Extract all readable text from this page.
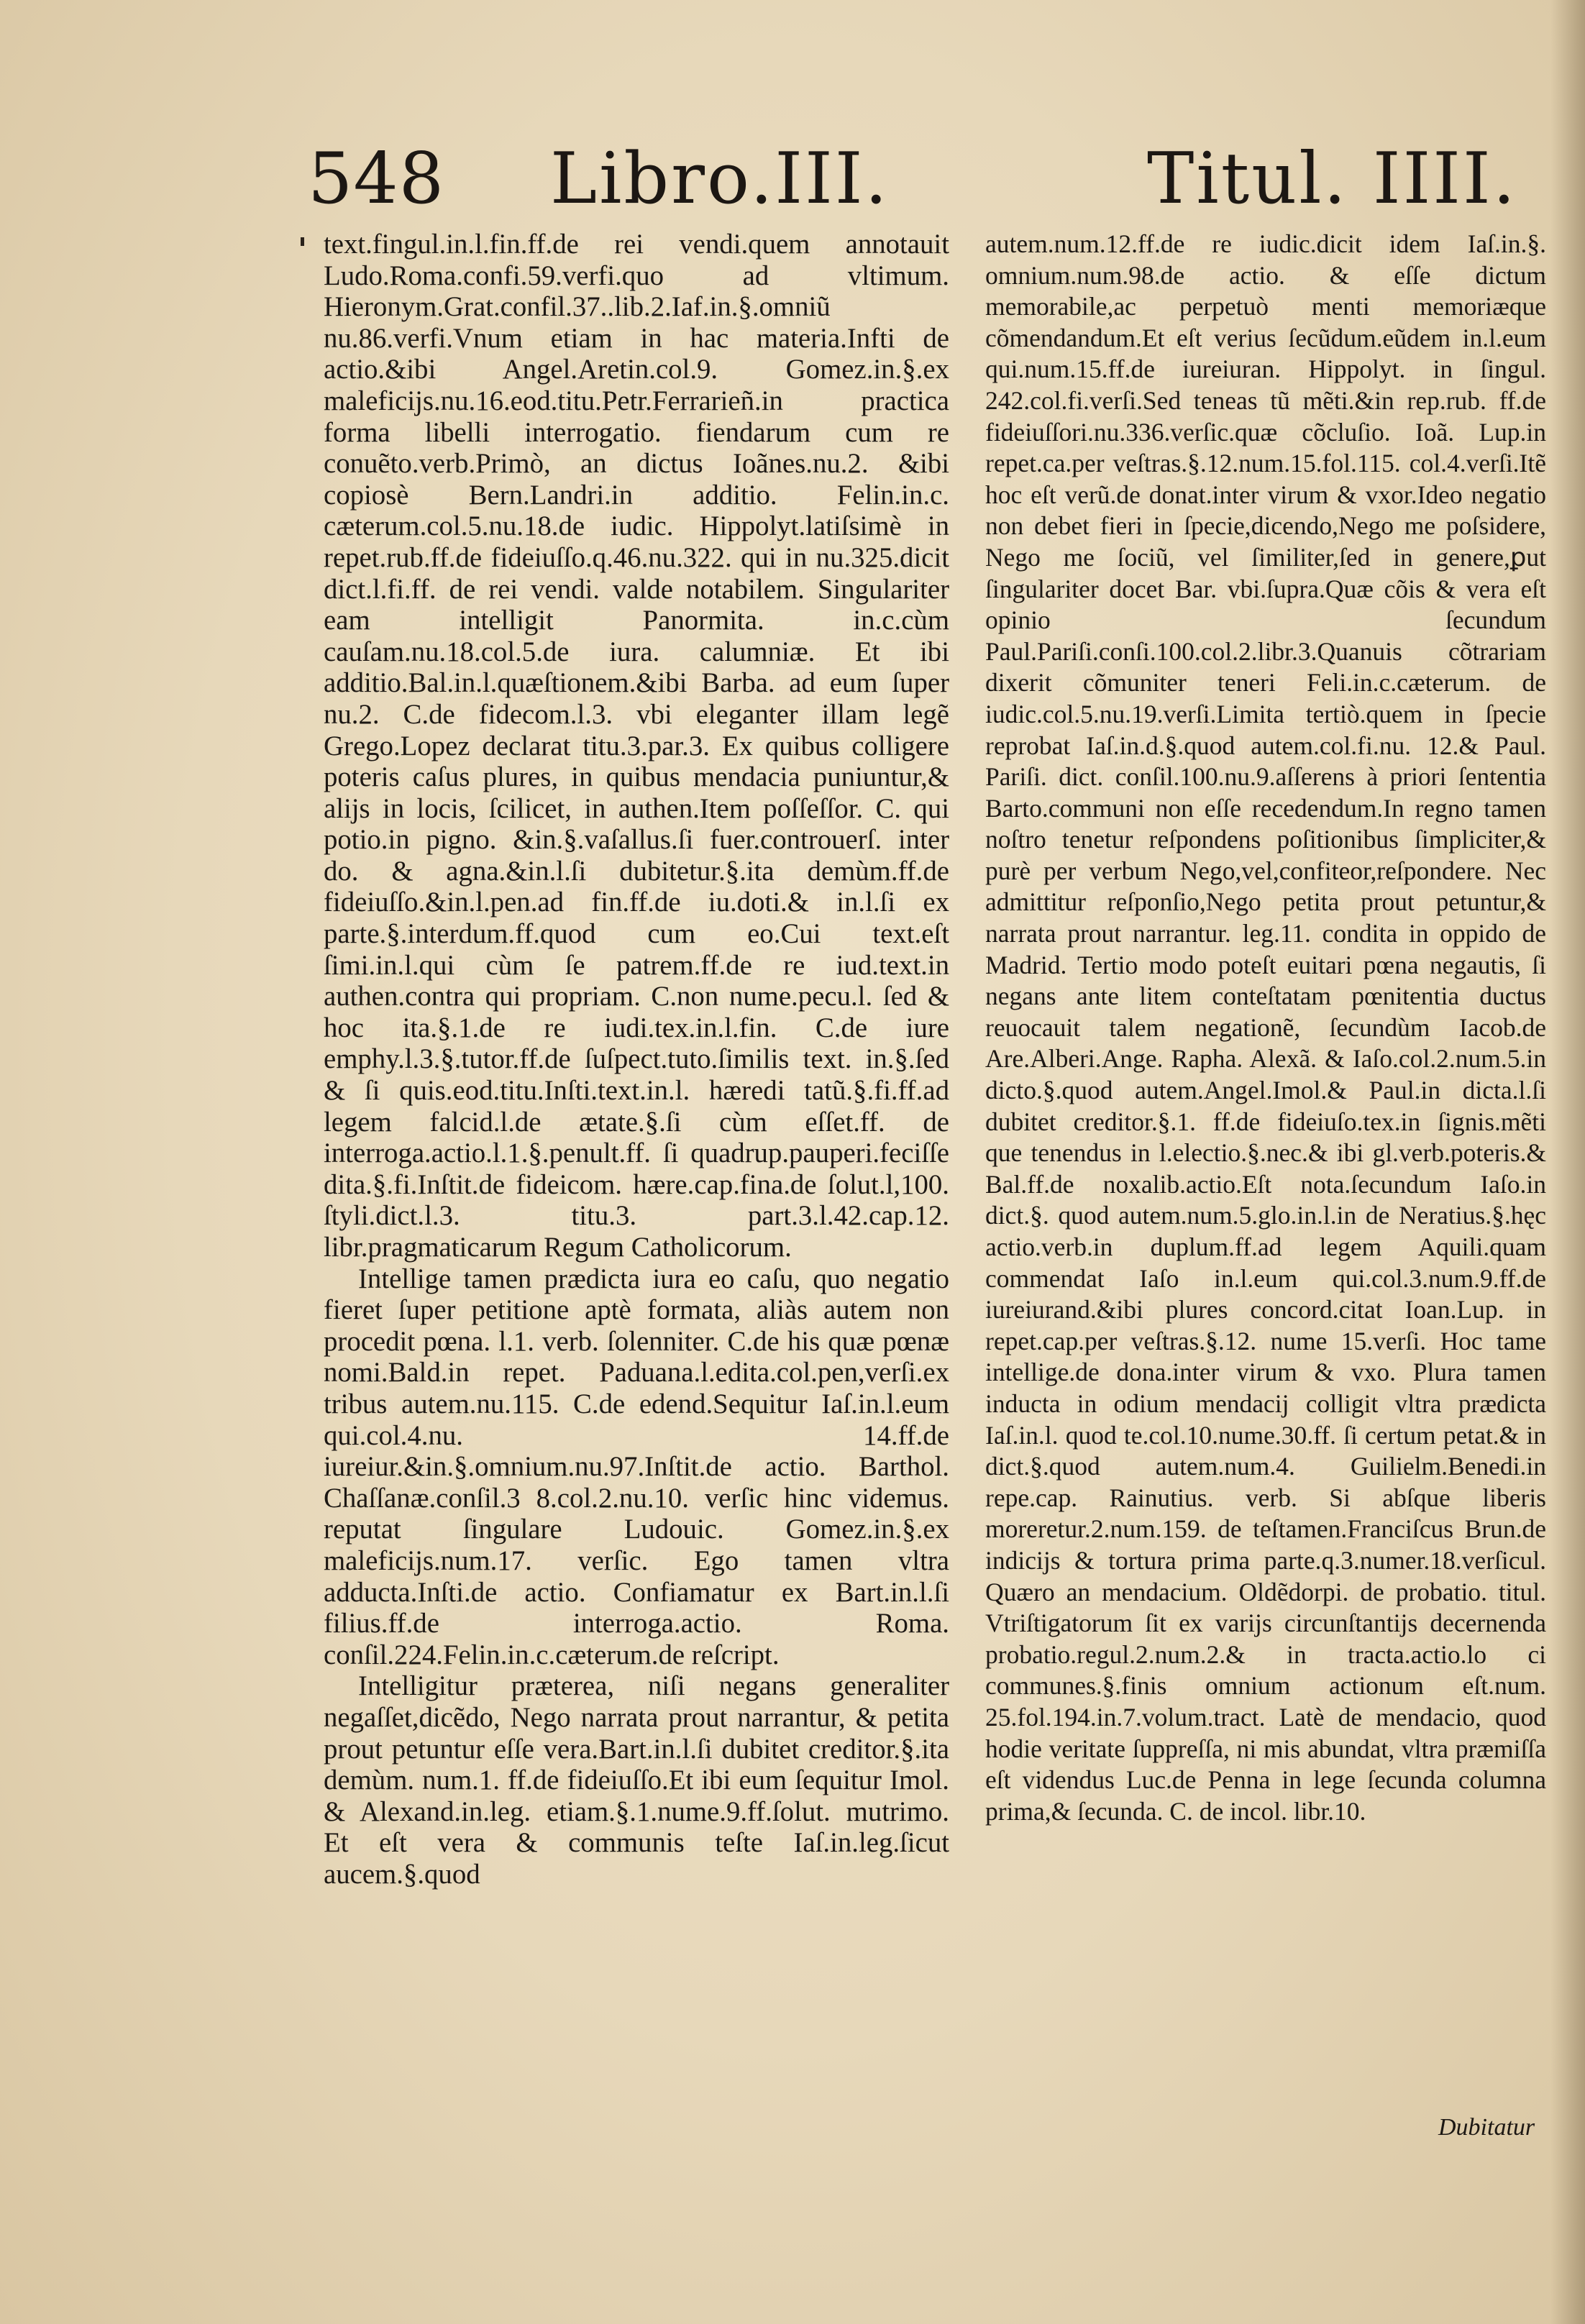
548 Libro.III.	Titul. IIII.

text.fingul.in.l.fin.ff.de rei vendi.quem annotauit Ludo.Roma.confi.59.verfi.quo ad vltimum. Hieronym.Grat.confil.37..lib.2.Iaf.in.§.omniũ nu.86.verfi.Vnum etiam in hac materia.Infti de actio.&ibi Angel.Aretin.col.9. Gomez.in.§.ex maleficijs.nu.16.eod.titu.Petr.Ferrarieñ.in practica forma libelli interrogatio. fiendarum cum re conuẽto.verb.Primò, an dictus Ioãnes.nu.2. &ibi copiosè Bern.Landri.in additio. Felin.in.c. cæterum.col.5.nu.18.de iudic. Hippolyt.latiſsimè in repet.rub.ff.de fideiuſſo.q.46.nu.322. qui in nu.325.dicit dict.l.fi.ff. de rei vendi. valde notabilem. Singulariter eam intelligit Panormita. in.c.cùm cauſam.nu.18.col.5.de iura. calumniæ. Et ibi additio.Bal.in.l.quæſtionem.&ibi Barba. ad eum ſuper nu.2. C.de fidecom.l.3. vbi eleganter illam legẽ Grego.Lopez declarat titu.3.par.3. Ex quibus colligere poteris caſus plures, in quibus mendacia puniuntur,& alijs in locis, ſcilicet, in authen.Item poſſeſſor. C. qui potio.in pigno. &in.§.vaſallus.ſi fuer.controuerſ. inter do. & agna.&in.l.ſi dubitetur.§.ita demùm.ff.de fideiuſſo.&in.l.pen.ad fin.ff.de iu.doti.& in.l.ſi ex parte.§.interdum.ff.quod cum eo.Cui text.eſt ſimi.in.l.qui cùm ſe patrem.ff.de re iud.text.in authen.contra qui propriam. C.non nume.pecu.l. ſed & hoc ita.§.1.de re iudi.tex.in.l.fin. C.de iure emphy.l.3.§.tutor.ff.de ſuſpect.tuto.ſimilis text. in.§.ſed & ſi quis.eod.titu.Inſti.text.in.l. hæredi tatũ.§.fi.ff.ad legem falcid.l.de ætate.§.ſi cùm eſſet.ff. de interroga.actio.l.1.§.penult.ff. ſi quadrup.pauperi.feciſſe dita.§.fi.Inſtit.de fideicom. hære.cap.fina.de ſolut.l,100. ſtyli.dict.l.3. titu.3. part.3.l.42.cap.12. libr.pragmaticarum Regum Catholicorum.

Intellige tamen prædicta iura eo caſu, quo negatio fieret ſuper petitione aptè formata, aliàs autem non procedit pœna. l.1. verb. ſolenniter. C.de his quæ pœnæ nomi.Bald.in repet. Paduana.l.edita.col.pen,verſi.ex tribus autem.nu.115. C.de edend.Sequitur Iaſ.in.l.eum qui.col.4.nu. 14.ff.de iureiur.&in.§.omnium.nu.97.Inſtit.de actio. Barthol. Chaſſanæ.conſil.3 8.col.2.nu.10. verſic hinc videmus. reputat ſingulare Ludouic. Gomez.in.§.ex maleficijs.num.17. verſic. Ego tamen vltra adducta.Inſti.de actio. Confiamatur ex Bart.in.l.ſi filius.ff.de interroga.actio. Roma. conſil.224.Felin.in.c.cæterum.de reſcript.

Intelligitur præterea, niſi negans generaliter negaſſet,dicẽdo, Nego narrata prout narrantur, & petita prout petuntur eſſe vera.Bart.in.l.ſi dubitet creditor.§.ita demùm. num.1. ff.de fideiuſſo.Et ibi eum ſequitur Imol. & Alexand.in.leg. etiam.§.1.nume.9.ff.ſolut. mutrimo. Et eſt vera & communis teſte Iaſ.in.leg.ſicut aucem.§.quod

autem.num.12.ff.de re iudic.dicit idem Iaſ.in.§. omnium.num.98.de actio. & eſſe dictum memorabile,ac perpetuò menti memoriæque cõmendandum.Et eſt verius ſecũdum.eũdem in.l.eum qui.num.15.ff.de iureiuran. Hippolyt. in ſingul. 242.col.fi.verſi.Sed teneas tũ mẽti.&in rep.rub. ff.de fideiuſſori.nu.336.verſic.quæ cõcluſio. Ioã. Lup.in repet.ca.per veſtras.§.12.num.15.fol.115. col.4.verſi.Itẽ hoc eſt verũ.de donat.inter virum & vxor.Ideo negatio non debet fieri in ſpecie,dicendo,Nego me poſsidere, Nego me ſociũ, vel ſimiliter,ſed in genere,ꝑut ſingulariter docet Bar. vbi.ſupra.Quæ cõis & vera eſt opinio ſecundum Paul.Pariſi.conſi.100.col.2.libr.3.Quanuis cõtrariam dixerit cõmuniter teneri Feli.in.c.cæterum. de iudic.col.5.nu.19.verſi.Limita tertiò.quem in ſpecie reprobat Iaſ.in.d.§.quod autem.col.fi.nu. 12.& Paul. Pariſi. dict. conſil.100.nu.9.aſſerens à priori ſententia Barto.communi non eſſe recedendum.In regno tamen noſtro tenetur reſpondens poſitionibus ſimpliciter,& purè per verbum Nego,vel,confiteor,reſpondere. Nec admittitur reſponſio,Nego petita prout petuntur,& narrata prout narrantur. leg.11. condita in oppido de Madrid. Tertio modo poteſt euitari pœna negautis, ſi negans ante litem conteſtatam pœnitentia ductus reuocauit talem negationẽ, ſecundùm Iacob.de Are.Alberi.Ange. Rapha. Alexã. & Iaſo.col.2.num.5.in dicto.§.quod autem.Angel.Imol.& Paul.in dicta.l.ſi dubitet creditor.§.1. ff.de fideiuſo.tex.in ſignis.mẽti que tenendus in l.electio.§.nec.& ibi gl.verb.poteris.& Bal.ff.de noxalib.actio.Eſt nota.ſecundum Iaſo.in dict.§. quod autem.num.5.glo.in.l.in de Neratius.§.hęc actio.verb.in duplum.ff.ad legem Aquili.quam commendat Iaſo in.l.eum qui.col.3.num.9.ff.de iureiurand.&ibi plures concord.citat Ioan.Lup. in repet.cap.per veſtras.§.12. nume 15.verſi. Hoc tame intellige.de dona.inter virum & vxo. Plura tamen inducta in odium mendacij colligit vltra prædicta Iaſ.in.l. quod te.col.10.nume.30.ff. ſi certum petat.& in dict.§.quod autem.num.4. Guilielm.Benedi.in repe.cap. Rainutius. verb. Si abſque liberis moreretur.2.num.159. de teſtamen.Franciſcus Brun.de indicijs & tortura prima parte.q.3.numer.18.verſicul. Quæro an mendacium. Oldẽdorpi. de probatio. titul. Vtriſtigatorum ſit ex varijs circunſtantijs decernenda probatio.regul.2.num.2.& in tracta.actio.lo ci communes.§.finis omnium actionum eſt.num. 25.fol.194.in.7.volum.tract. Latè de mendacio, quod hodie veritate ſuppreſſa, ni mis abundat, vltra præmiſſa eſt videndus Luc.de Penna in lege ſecunda columna prima,& ſecunda. C. de incol. libr.10.

Dubitatur
